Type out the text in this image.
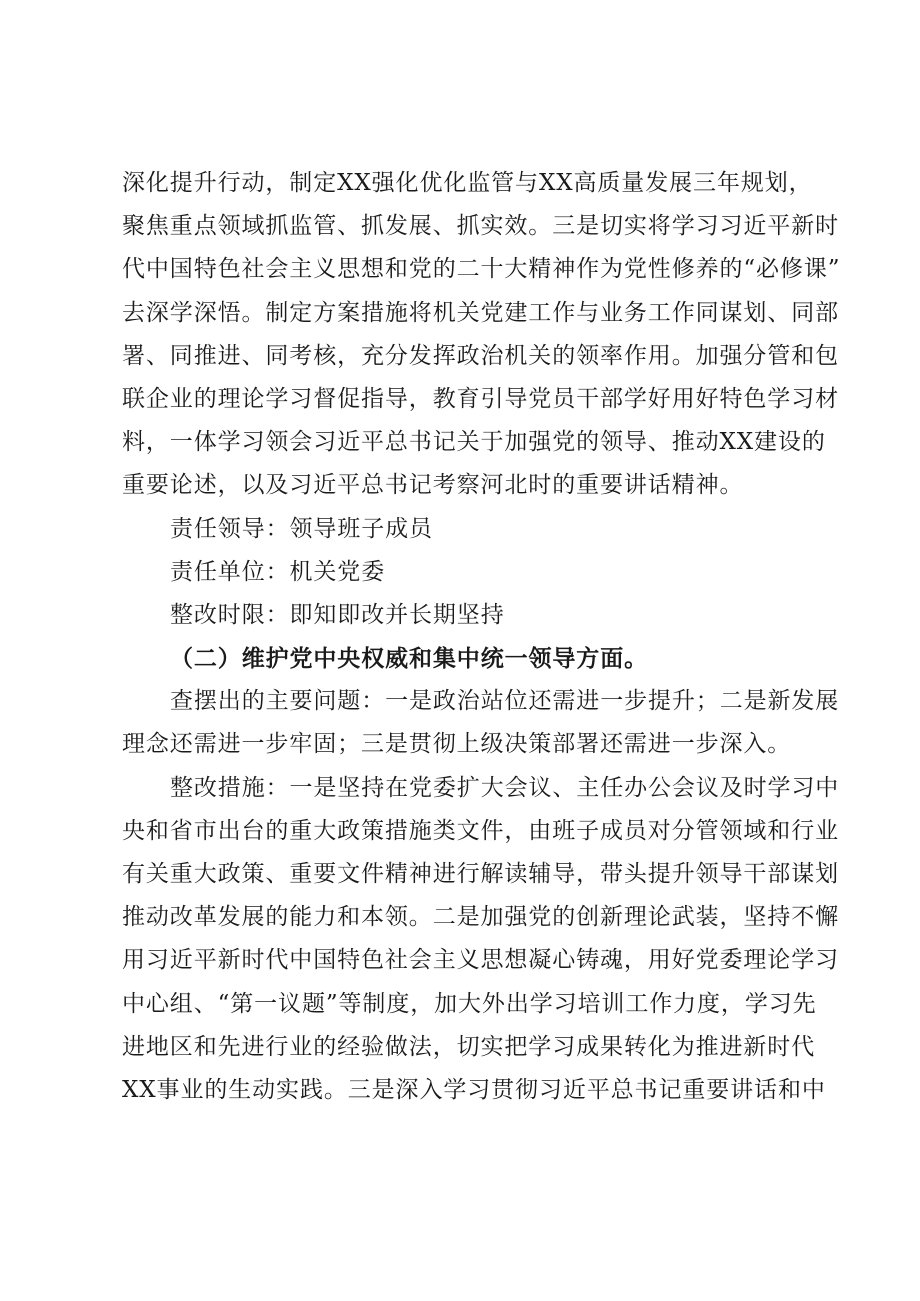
深化提升行动，制定XX强化优化监管与XX高质量发展三年规划，
聚焦重点领域抓监管、抓发展、抓实效。三是切实将学习习近平新时
代中国特色社会主义思想和党的二十大精神作为党性修养的“必修课”
去深学深悟。制定方案措施将机关党建工作与业务工作同谋划、同部
署、同推进、同考核，充分发挥政治机关的领率作用。加强分管和包
联企业的理论学习督促指导，教育引导党员干部学好用好特色学习材
料，一体学习领会习近平总书记关于加强党的领导、推动XX建设的
重要论述，以及习近平总书记考察河北时的重要讲话精神。
责任领导：领导班子成员
责任单位：机关党委
整改时限：即知即改并长期坚持
（二）维护党中央权威和集中统一领导方面。
查摆出的主要问题：一是政治站位还需进一步提升；二是新发展
理念还需进一步牢固；三是贯彻上级决策部署还需进一步深入。
整改措施：一是坚持在党委扩大会议、主任办公会议及时学习中
央和省市出台的重大政策措施类文件，由班子成员对分管领域和行业
有关重大政策、重要文件精神进行解读辅导，带头提升领导干部谋划
推动改革发展的能力和本领。二是加强党的创新理论武装，坚持不懈
用习近平新时代中国特色社会主义思想凝心铸魂，用好党委理论学习
中心组、“第一议题”等制度，加大外出学习培训工作力度，学习先
进地区和先进行业的经验做法，切实把学习成果转化为推进新时代
XX事业的生动实践。三是深入学习贯彻习近平总书记重要讲话和中
